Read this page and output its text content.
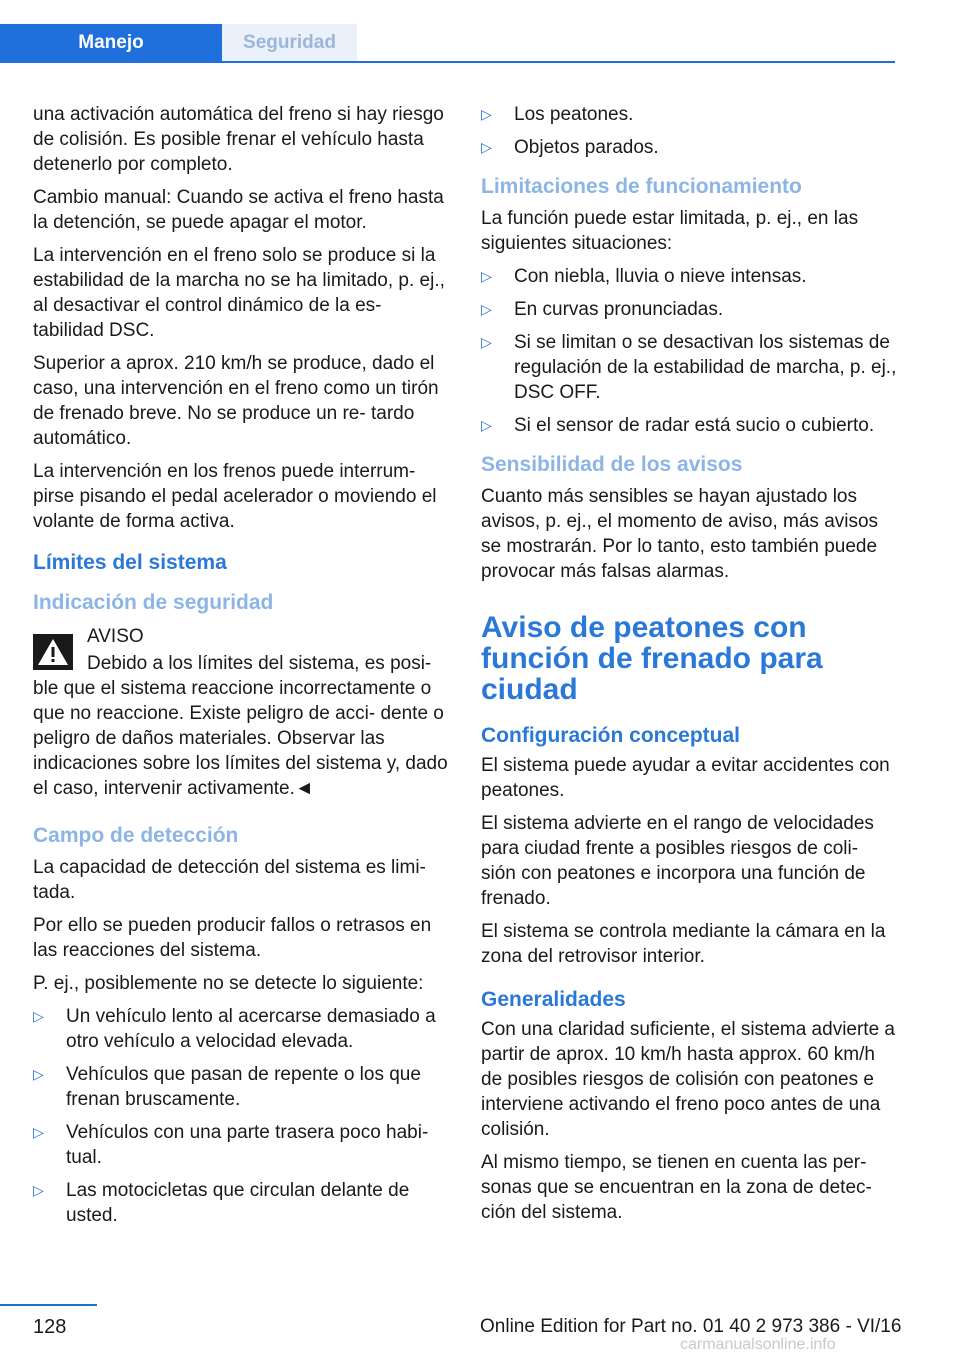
Manejo	Seguridad

una activación automática del freno si hay riesgo de colisión. Es posible frenar el vehículo hasta detenerlo por completo.

Cambio manual: Cuando se activa el freno hasta la detención, se puede apagar el motor.

La intervención en el freno solo se produce si la estabilidad de la marcha no se ha limitado, p. ej., al desactivar el control dinámico de la es‐ tabilidad DSC.

Superior a aprox. 210 km/h se produce, dado el caso, una intervención en el freno como un tirón de frenado breve. No se produce un re‐ tardo automático.

La intervención en los frenos puede interrum‐ pirse pisando el pedal acelerador o moviendo el volante de forma activa.

Límites del sistema
Indicación de seguridad
AVISO

Debido a los límites del sistema, es posi‐ ble que el sistema reaccione incorrectamente o que no reaccione. Existe peligro de acci‐ dente o peligro de daños materiales. Observar las indicaciones sobre los límites del sistema y, dado el caso, intervenir activamente.◄

Campo de detección

La capacidad de detección del sistema es limi‐ tada.

Por ello se pueden producir fallos o retrasos en las reacciones del sistema.

P. ej., posiblemente no se detecte lo siguiente:

▷ Un vehículo lento al acercarse demasiado a otro vehículo a velocidad elevada.
▷ Vehículos que pasan de repente o los que frenan bruscamente.
▷ Vehículos con una parte trasera poco habi‐ tual.
▷ Las motocicletas que circulan delante de usted.
▷ Los peatones.
▷ Objetos parados.
Limitaciones de funcionamiento

La función puede estar limitada, p. ej., en las siguientes situaciones:

▷ Con niebla, lluvia o nieve intensas.
▷ En curvas pronunciadas.
▷ Si se limitan o se desactivan los sistemas de regulación de la estabilidad de marcha, p. ej., DSC OFF.
▷ Si el sensor de radar está sucio o cubierto.
Sensibilidad de los avisos

Cuanto más sensibles se hayan ajustado los avisos, p. ej., el momento de aviso, más avisos se mostrarán. Por lo tanto, esto también puede provocar más falsas alarmas.

Aviso de peatones con función de frenado para ciudad
Configuración conceptual

El sistema puede ayudar a evitar accidentes con peatones.

El sistema advierte en el rango de velocidades para ciudad frente a posibles riesgos de coli‐ sión con peatones e incorpora una función de frenado.

El sistema se controla mediante la cámara en la zona del retrovisor interior.

Generalidades

Con una claridad suficiente, el sistema advierte a partir de aprox. 10 km/h hasta approx. 60 km/h de posibles riesgos de colisión con peatones e interviene activando el freno poco antes de una colisión.

Al mismo tiempo, se tienen en cuenta las per‐ sonas que se encuentran en la zona de detec‐ ción del sistema.

128	Online Edition for Part no. 01 40 2 973 386 - VI/16
carmanualsonline.info
